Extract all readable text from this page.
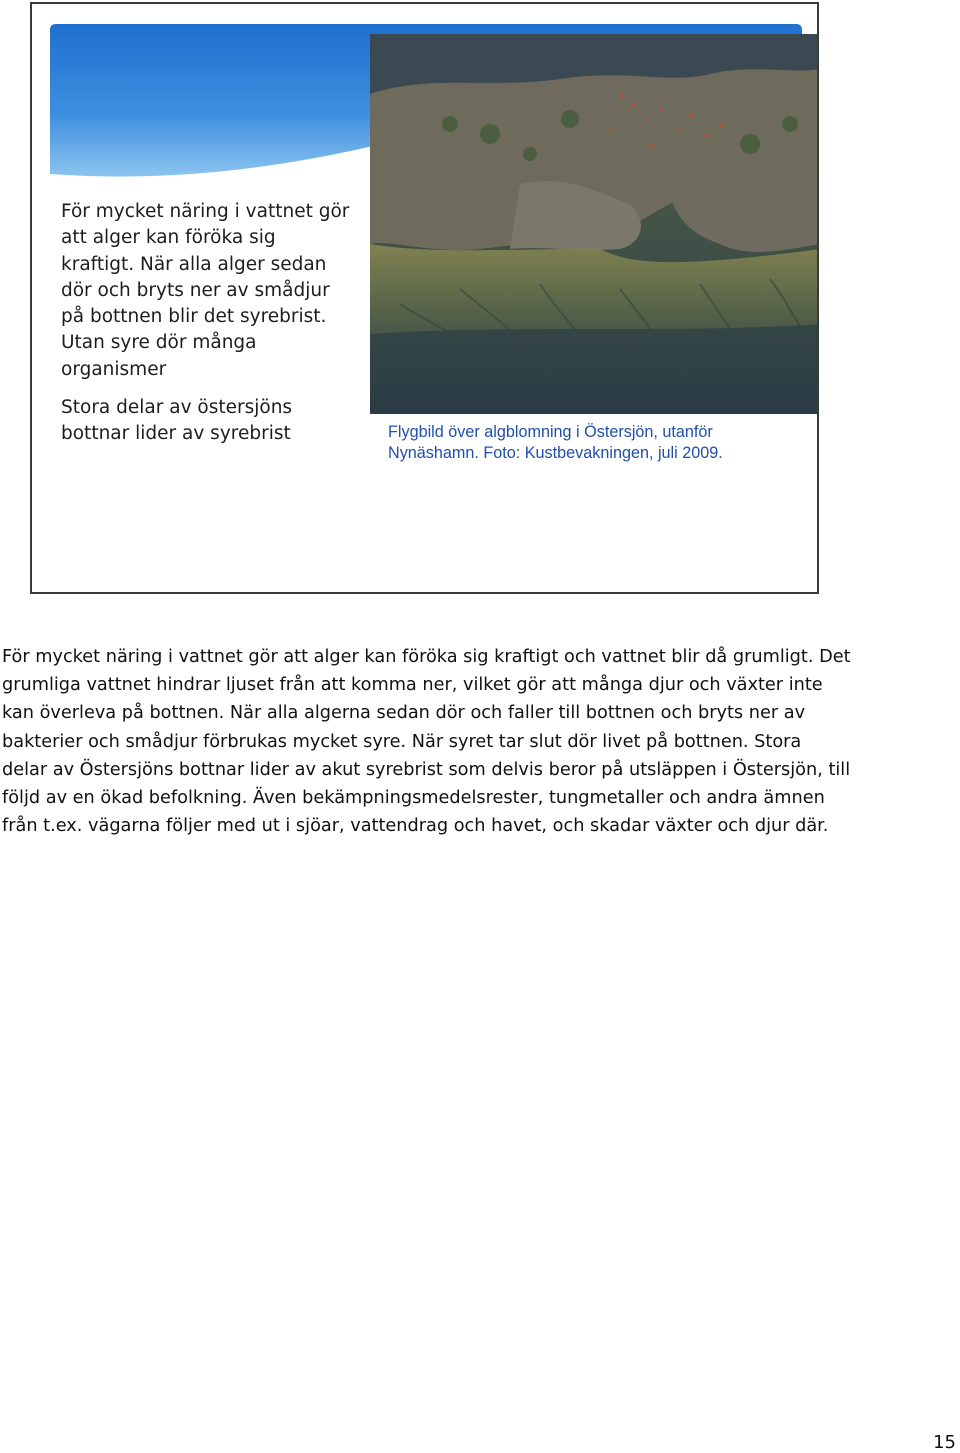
För mycket näring i vattnet gör att alger kan föröka sig kraftigt. När alla alger sedan dör och bryts ner av smådjur på bottnen blir det syrebrist. Utan syre dör många organismer

Stora delar av östersjöns bottnar lider av syrebrist	Flygbild över algblomning i Östersjön, utanför
Nynäshamn. Foto: Kustbevakningen, juli 2009.

För mycket näring i vattnet gör att alger kan föröka sig kraftigt och vattnet blir då grumligt. Det grumliga vattnet hindrar ljuset från att komma ner, vilket gör att många djur och växter inte kan överleva på bottnen. När alla algerna sedan dör och faller till bottnen och bryts ner av bakterier och smådjur förbrukas mycket syre. När syret tar slut dör livet på bottnen. Stora delar av Östersjöns bottnar lider av akut syrebrist som delvis beror på utsläppen i Östersjön, till följd av en ökad befolkning. Även bekämpningsmedelsrester, tungmetaller och andra ämnen från t.ex. vägarna följer med ut i sjöar, vattendrag och havet, och skadar växter och djur där.

15
